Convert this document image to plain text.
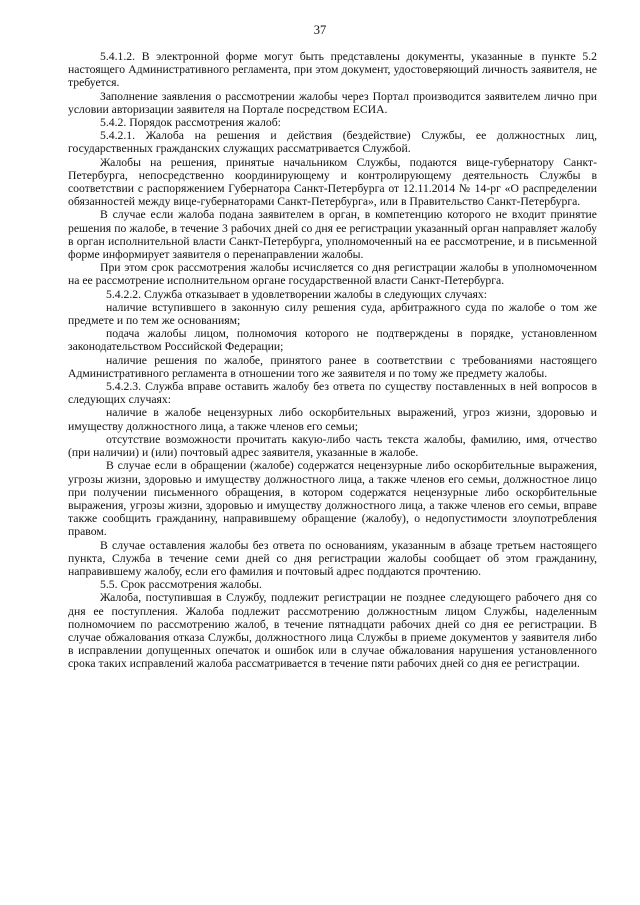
37

5.4.1.2. В электронной форме могут быть представлены документы, указанные в пункте 5.2 настоящего Административного регламента, при этом документ, удостоверяющий личность заявителя, не требуется.

Заполнение заявления о рассмотрении жалобы через Портал производится заявителем лично при условии авторизации заявителя на Портале посредством ЕСИА.

5.4.2. Порядок рассмотрения жалоб:

5.4.2.1. Жалоба на решения и действия (бездействие) Службы, ее должностных лиц, государственных гражданских служащих рассматривается Службой.

Жалобы на решения, принятые начальником Службы, подаются вице-губернатору Санкт-Петербурга, непосредственно координирующему и контролирующему деятельность Службы в соответствии с распоряжением Губернатора Санкт-Петербурга от 12.11.2014 № 14-рг «О распределении обязанностей между вице-губернаторами Санкт-Петербурга», или в Правительство Санкт-Петербурга.

В случае если жалоба подана заявителем в орган, в компетенцию которого не входит принятие решения по жалобе, в течение 3 рабочих дней со дня ее регистрации указанный орган направляет жалобу в орган исполнительной власти Санкт-Петербурга, уполномоченный на ее рассмотрение, и в письменной форме информирует заявителя о перенаправлении жалобы.

При этом срок рассмотрения жалобы исчисляется со дня регистрации жалобы в уполномоченном на ее рассмотрение исполнительном органе государственной власти Санкт-Петербурга.

5.4.2.2. Служба отказывает в удовлетворении жалобы в следующих случаях:

наличие вступившего в законную силу решения суда, арбитражного суда по жалобе о том же предмете и по тем же основаниям;

подача жалобы лицом, полномочия которого не подтверждены в порядке, установленном законодательством Российской Федерации;

наличие решения по жалобе, принятого ранее в соответствии с требованиями настоящего Административного регламента в отношении того же заявителя и по тому же предмету жалобы.

5.4.2.3. Служба вправе оставить жалобу без ответа по существу поставленных в ней вопросов в следующих случаях:

наличие в жалобе нецензурных либо оскорбительных выражений, угроз жизни, здоровью и имуществу должностного лица, а также членов его семьи;

отсутствие возможности прочитать какую-либо часть текста жалобы, фамилию, имя, отчество (при наличии) и (или) почтовый адрес заявителя, указанные в жалобе.

В случае если в обращении (жалобе) содержатся нецензурные либо оскорбительные выражения, угрозы жизни, здоровью и имуществу должностного лица, а также членов его семьи, должностное лицо при получении письменного обращения, в котором содержатся нецензурные либо оскорбительные выражения, угрозы жизни, здоровью и имуществу должностного лица, а также членов его семьи, вправе также сообщить гражданину, направившему обращение (жалобу), о недопустимости злоупотребления правом.

В случае оставления жалобы без ответа по основаниям, указанным в абзаце третьем настоящего пункта, Служба в течение семи дней со дня регистрации жалобы сообщает об этом гражданину, направившему жалобу, если его фамилия и почтовый адрес поддаются прочтению.

5.5. Срок рассмотрения жалобы.

Жалоба, поступившая в Службу, подлежит регистрации не позднее следующего рабочего дня со дня ее поступления. Жалоба подлежит рассмотрению должностным лицом Службы, наделенным полномочием по рассмотрению жалоб, в течение пятнадцати рабочих дней со дня ее регистрации. В случае обжалования отказа Службы, должностного лица Службы в приеме документов у заявителя либо в исправлении допущенных опечаток и ошибок или в случае обжалования нарушения установленного срока таких исправлений жалоба рассматривается в течение пяти рабочих дней со дня ее регистрации.
